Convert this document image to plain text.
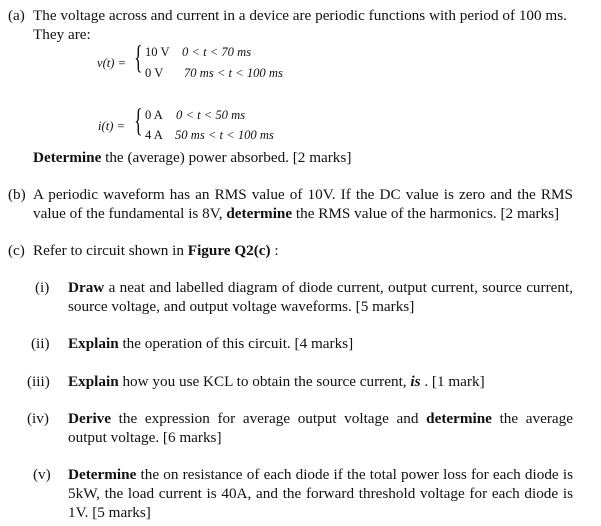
(a) The voltage across and current in a device are periodic functions with period of 100 ms.
They are:
v(t) = { 10 V 0 < t < 70 ms
0 V 70 ms < t < 100 ms
i(t) = { 0 A 0 < t < 50 ms
4 A 50 ms < t < 100 ms
Determine the (average) power absorbed. [2 marks]
(b) A periodic waveform has an RMS value of 10V. If the DC value is zero and the RMS value of the fundamental is 8V, determine the RMS value of the harmonics. [2 marks]
(c) Refer to circuit shown in Figure Q2(c) :
(i) Draw a neat and labelled diagram of diode current, output current, source current, source voltage, and output voltage waveforms. [5 marks]
(ii) Explain the operation of this circuit. [4 marks]
(iii) Explain how you use KCL to obtain the source current, is . [1 mark]
(iv) Derive the expression for average output voltage and determine the average output voltage. [6 marks]
(v) Determine the on resistance of each diode if the total power loss for each diode is 5kW, the load current is 40A, and the forward threshold voltage for each diode is 1V. [5 marks]
